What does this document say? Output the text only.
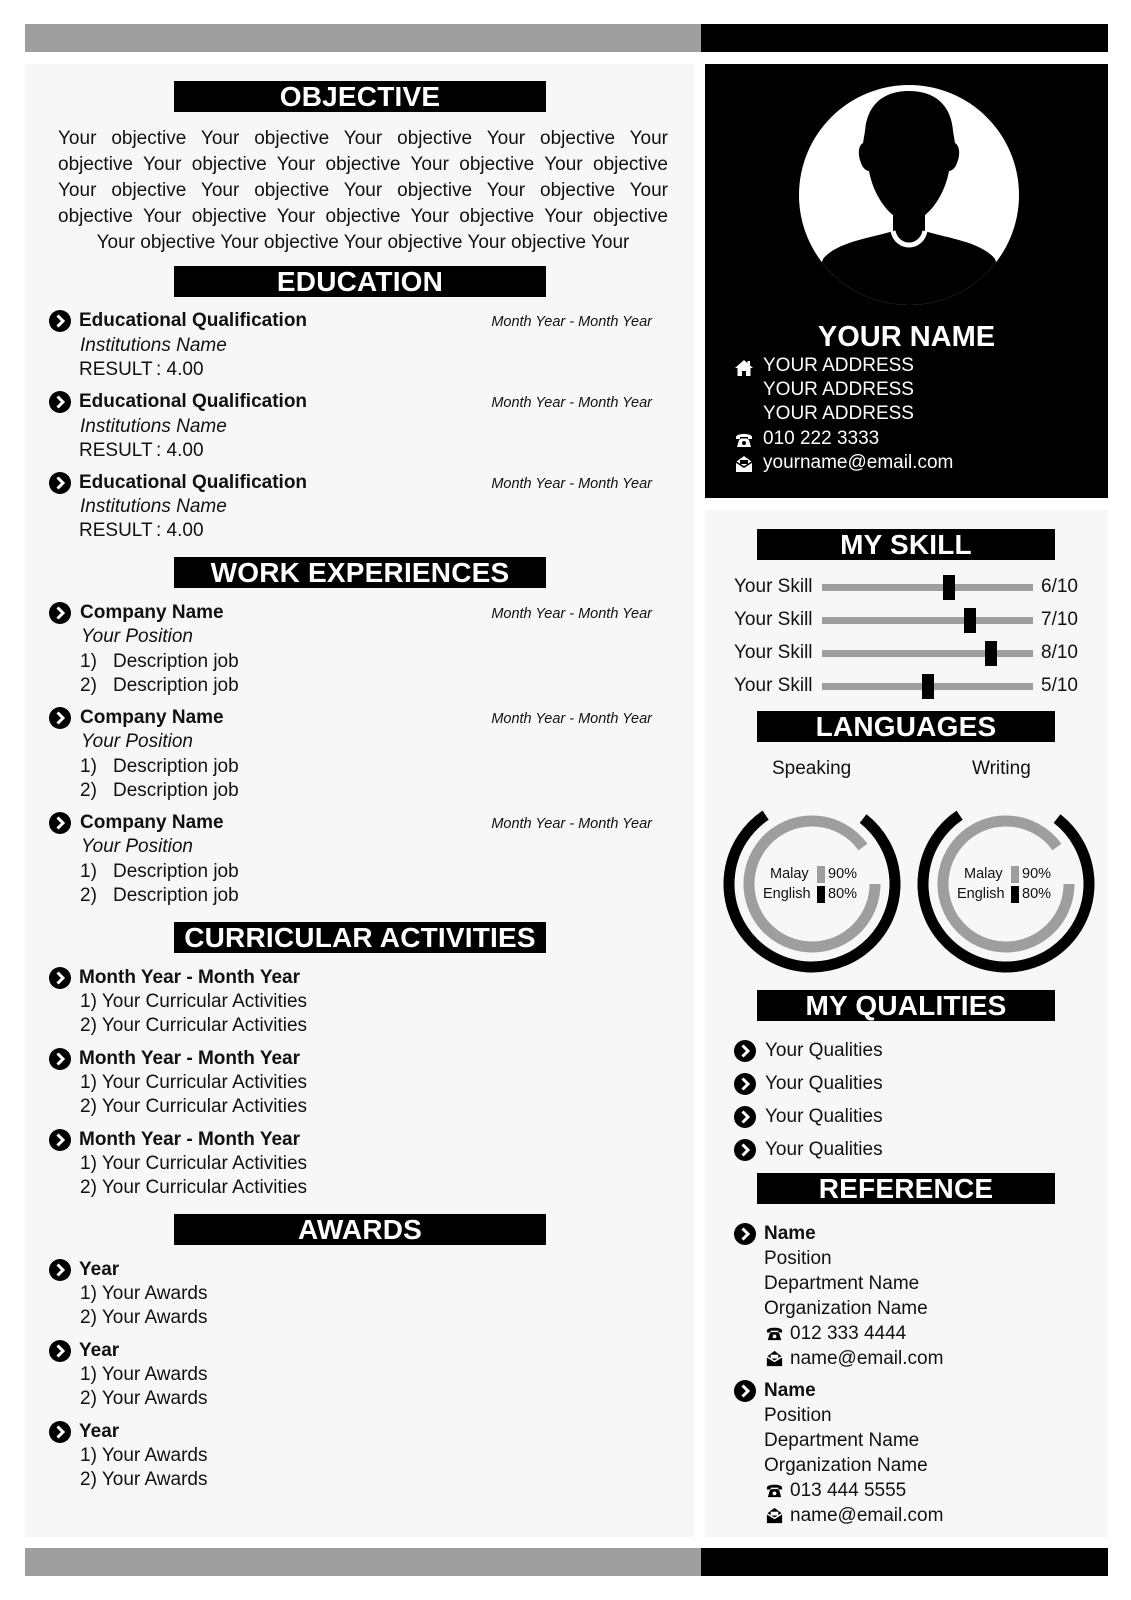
OBJECTIVE
Your objective Your objective Your objective Your objective Your objective Your objective Your objective Your objective Your objective Your objective Your objective Your objective Your objective Your objective Your objective Your objective Your objective Your objective Your objective Your objective Your objective Your objective Your
EDUCATION
Educational Qualification	Month Year - Month Year
Institutions Name
RESULT : 4.00
Educational Qualification	Month Year - Month Year
Institutions Name
RESULT : 4.00
Educational Qualification	Month Year - Month Year
Institutions Name
RESULT : 4.00
WORK EXPERIENCES
Company Name	Month Year - Month Year
Your Position
1) Description job
2) Description job
Company Name	Month Year - Month Year
Your Position
1) Description job
2) Description job
Company Name	Month Year - Month Year
Your Position
1) Description job
2) Description job
CURRICULAR ACTIVITIES
Month Year - Month Year
1) Your Curricular Activities
2) Your Curricular Activities
Month Year - Month Year
1) Your Curricular Activities
2) Your Curricular Activities
Month Year - Month Year
1) Your Curricular Activities
2) Your Curricular Activities
AWARDS
Year
1) Your Awards
2) Your Awards
Year
1) Your Awards
2) Your Awards
Year
1) Your Awards
2) Your Awards
YOUR NAME
YOUR ADDRESS
YOUR ADDRESS
YOUR ADDRESS
010 222 3333
yourname@email.com
MY SKILL
Your Skill	6/10
Your Skill	7/10
Your Skill	8/10
Your Skill	5/10
LANGUAGES
Speaking	Writing
Malay 90%
English 80%
Malay 90%
English 80%
MY QUALITIES
Your Qualities
Your Qualities
Your Qualities
Your Qualities
REFERENCE
Name
Position
Department Name
Organization Name
012 333 4444
name@email.com
Name
Position
Department Name
Organization Name
013 444 5555
name@email.com
